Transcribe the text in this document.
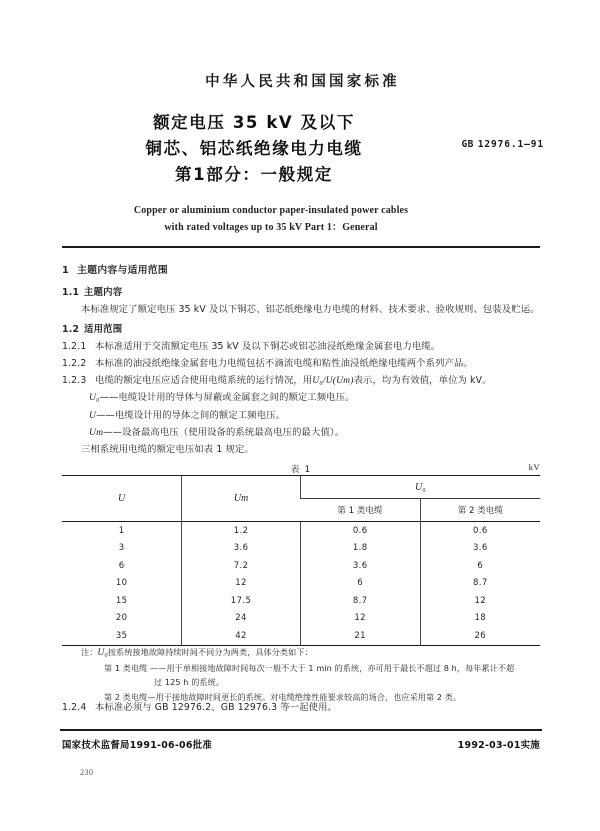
中华人民共和国国家标准
额定电压 35 kV 及以下
铜芯、铝芯纸绝缘电力电缆
第1部分：一般规定
GB 12976.1—91
Copper or aluminium conductor paper-insulated power cables
with rated voltages up to 35 kV Part 1：General
1 主题内容与适用范围
1.1 主题内容
本标准规定了额定电压 35 kV 及以下铜芯、铝芯纸绝缘电力电缆的材料、技术要求、验收规则、包装及贮运。
1.2 适用范围
1.2.1 本标准适用于交流额定电压 35 kV 及以下铜芯或铝芯油浸纸绝缘金属套电力电缆。
1.2.2 本标准的油浸纸绝缘金属套电力电缆包括不滴流电缆和粘性油浸纸绝缘电缆两个系列产品。
1.2.3 电缆的额定电压应适合使用电缆系统的运行情况，用U₀/U(Um)表示，均为有效值，单位为 kV。
U₀——电缆设计用的导体与屏蔽或金属套之间的额定工频电压。
U——电缆设计用的导体之间的额定工频电压。
Um——设备最高电压（使用设备的系统最高电压的最大值）。
三相系统用电缆的额定电压如表 1 规定。
表 1	kV
U	Um	U₀	
		第 1 类电缆	第 2 类电缆
1	1.2	0.6	0.6
3	3.6	1.8	3.6
6	7.2	3.6	6
10	12	6	8.7
15	17.5	8.7	12
20	24	12	18
35	42	21	26
注：U₀按系统接地故障持续时间不同分为两类，具体分类如下：
第 1 类电缆 —— 用于单相接地故障时间每次一般不大于 1 min 的系统，亦可用于最长不超过 8 h，每年累计不超
过 125 h 的系统。
第 2 类电缆 —用于接地故障时间更长的系统。对电缆绝缘性能要求较高的场合，也应采用第 2 类。
1.2.4 本标准必须与 GB 12976.2、GB 12976.3 等一起使用。
国家技术监督局1991-06-06批准	1992-03-01实施
230
